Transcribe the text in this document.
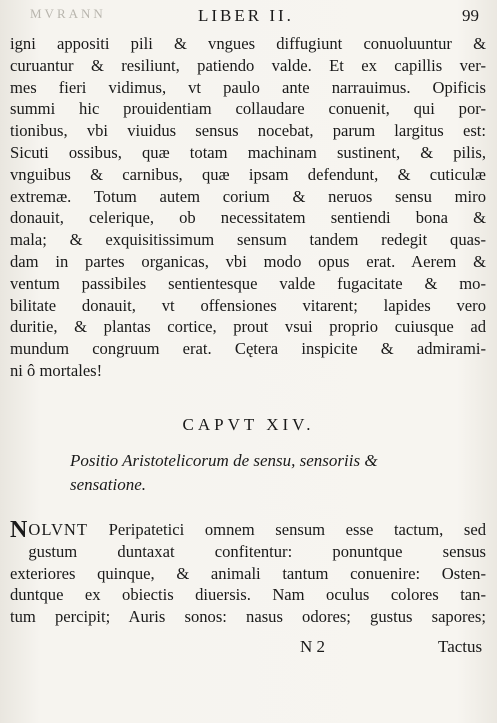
MVRANN	LIBER II.	99
igni appositi pili & vngues diffugiunt conuoluuntur &
curuantur & resiliunt, patiendo valde. Et ex capillis ver-
mes fieri vidimus, vt paulo ante narrauimus. Opificis
summi hic prouidentiam collaudare conuenit, qui por-
tionibus, vbi viuidus sensus nocebat, parum largitus est:
Sicuti ossibus, quæ totam machinam sustinent, & pilis,
vnguibus & carnibus, quæ ipsam defendunt, & cuticulæ
extremæ. Totum autem corium & neruos sensu miro
donauit, celerique, ob necessitatem sentiendi bona &
mala; & exquisitissimum sensum tandem redegit quas-
dam in partes organicas, vbi modo opus erat. Aerem &
ventum passibiles sentientesque valde fugacitate & mo-
bilitate donauit, vt offensiones vitarent; lapides vero
duritie, & plantas cortice, prout vsui proprio cuiusque ad
mundum congruum erat. Cętera inspicite & admirami-
ni ô mortales!
CAPVT XIV.
Positio Aristotelicorum de sensu, sensoriis &
sensatione.
N OLVNT Peripatetici omnem sensum esse tactum, sed
gustum duntaxat confitentur: ponuntque sensus
exteriores quinque, & animali tantum conuenire: Osten-
duntque ex obiectis diuersis. Nam oculus colores tan-
tum percipit; Auris sonos: nasus odores; gustus sapores;
N 2	Tactus
